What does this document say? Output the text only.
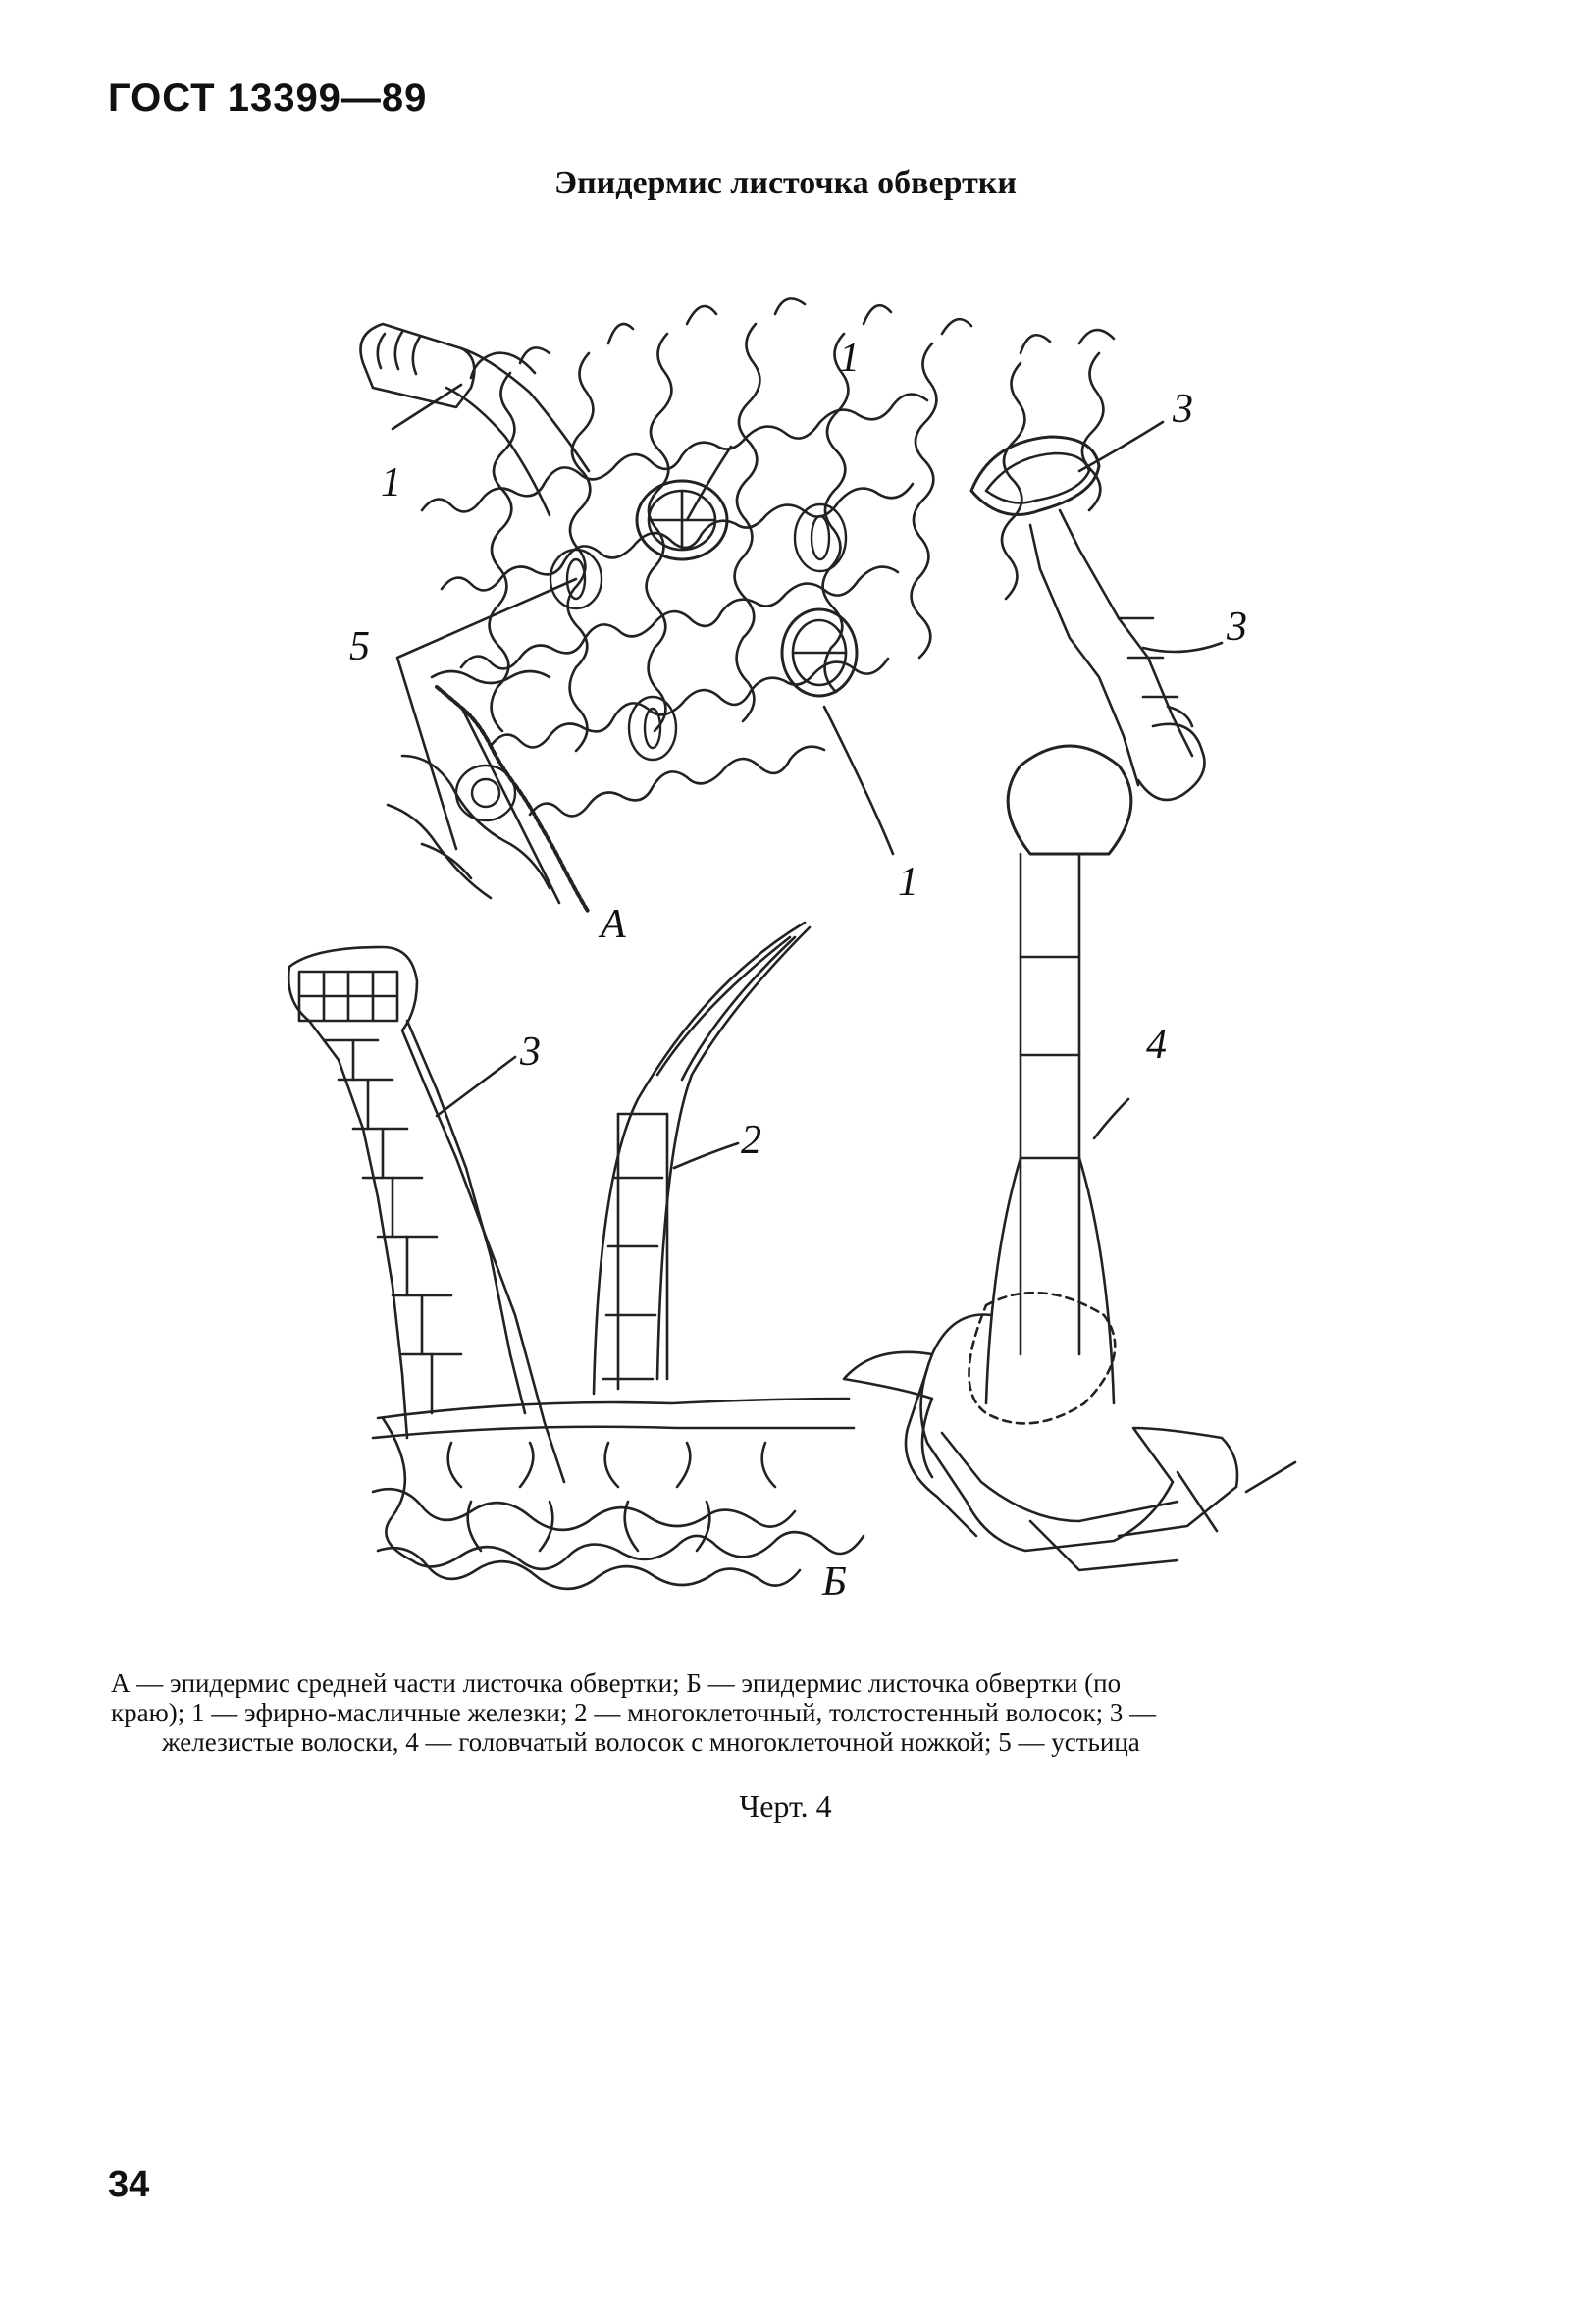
ГОСТ 13399—89
Эпидермис листочка обвертки
1
1
1
3
3
5
А
3
2
4
Б
А — эпидермис средней части листочка обвертки; Б — эпидермис листочка обвертки (по
краю); 1 — эфирно-масличные железки; 2 — многоклеточный, толстостенный волосок; 3 —
железистые волоски, 4 — головчатый волосок с многоклеточной ножкой; 5 — устьица
Черт. 4
34
